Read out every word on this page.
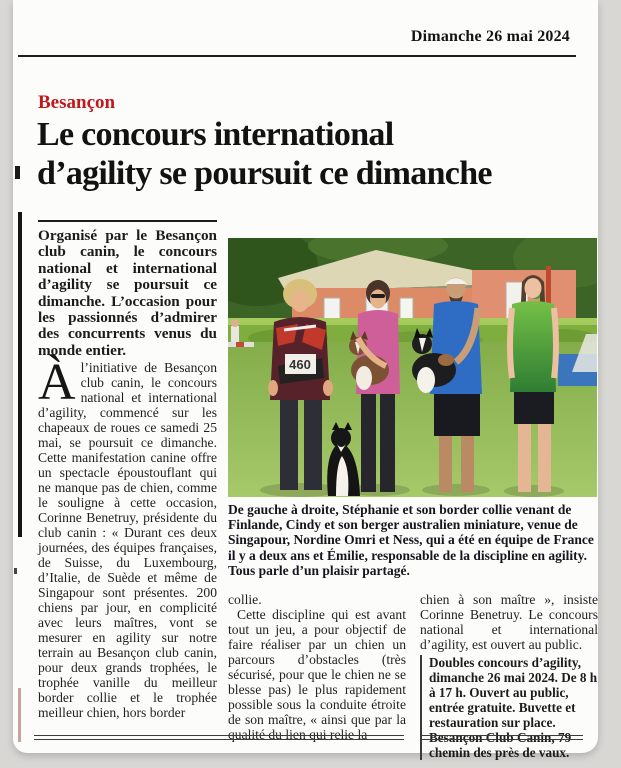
Dimanche 26 mai 2024
Besançon
Le concours international
d’agility se poursuit ce dimanche
Organisé par le Besançon club canin, le concours national et international d’agility se poursuit ce dimanche. L’occasion pour les passionnés d’admirer des concurrents venus du monde entier.
Àl’initiative de Besançon club canin, le concours national et international d’agility, commencé sur les chapeaux de roues ce samedi 25 mai, se poursuit ce dimanche. Cette manifestation canine offre un spectacle époustouflant qui ne manque pas de chien, comme le souligne à cette occasion, Corinne Benetruy, présidente du club canin : « Durant ces deux journées, des équipes françaises, de Suisse, du Luxembourg, d’Italie, de Suède et même de Singapour sont présentes. 200 chiens par jour, en complicité avec leurs maîtres, vont se mesurer en agility sur notre terrain au Besançon club canin, pour deux grands trophées, le trophée vanille du meilleur border collie et le trophée meilleur chien, hors border
460
De gauche à droite, Stéphanie et son border collie venant de Finlande, Cindy et son berger australien miniature, venue de Singapour, Nordine Omri et Ness, qui a été en équipe de France il y a deux ans et Émilie, responsable de la discipline en agility. Tous parle d’un plaisir partagé.

collie.

Cette discipline qui est avant tout un jeu, a pour objectif de faire réaliser par un chien un parcours d’obstacles (très sécurisé, pour que le chien ne se blesse pas) le plus rapidement possible sous la conduite étroite de son maître, « ainsi que par la qualité du lien qui relie la

chien à son maître », insiste Corinne Benetruy. Le concours national et international d’agility, est ouvert au public.

Doubles concours d’agility, dimanche 26 mai 2024. De 8 h à 17 h. Ouvert au public, entrée gratuite. Buvette et restauration sur place. Besançon Club Canin, 79 chemin des près de vaux.
